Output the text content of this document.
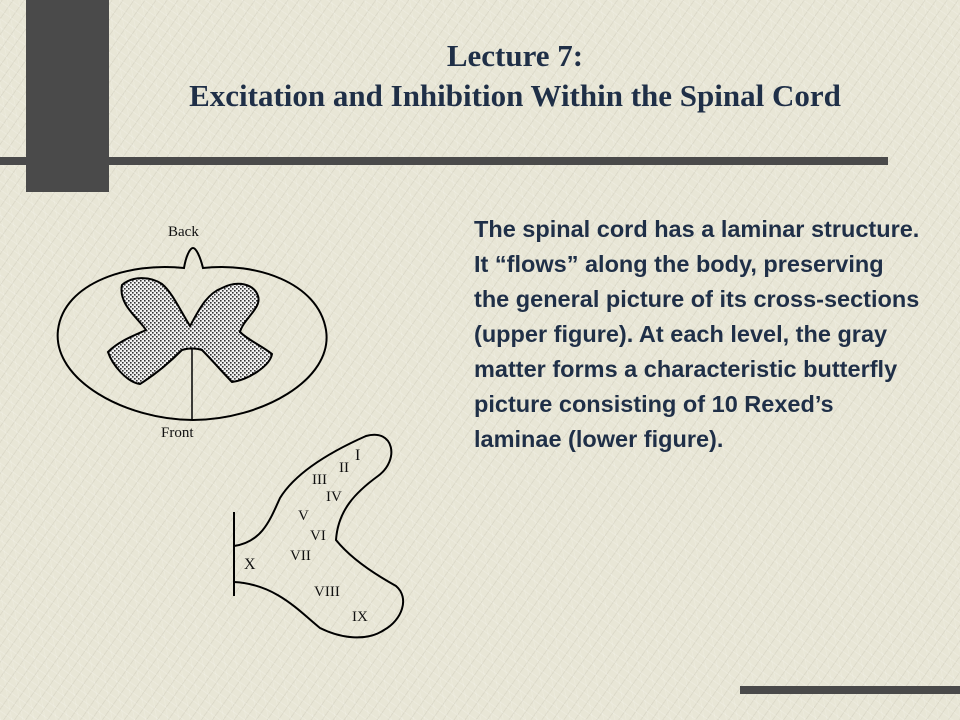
Lecture 7:
Excitation and Inhibition Within the Spinal Cord
The spinal cord has a laminar structure. It “flows” along the body, preserving the general picture of its cross-sections (upper figure). At each level, the gray matter forms a characteristic butterfly picture consisting of 10 Rexed’s laminae (lower figure).
Back
Front
I
II
III
IV
V
VI
VII
VIII
IX
X
